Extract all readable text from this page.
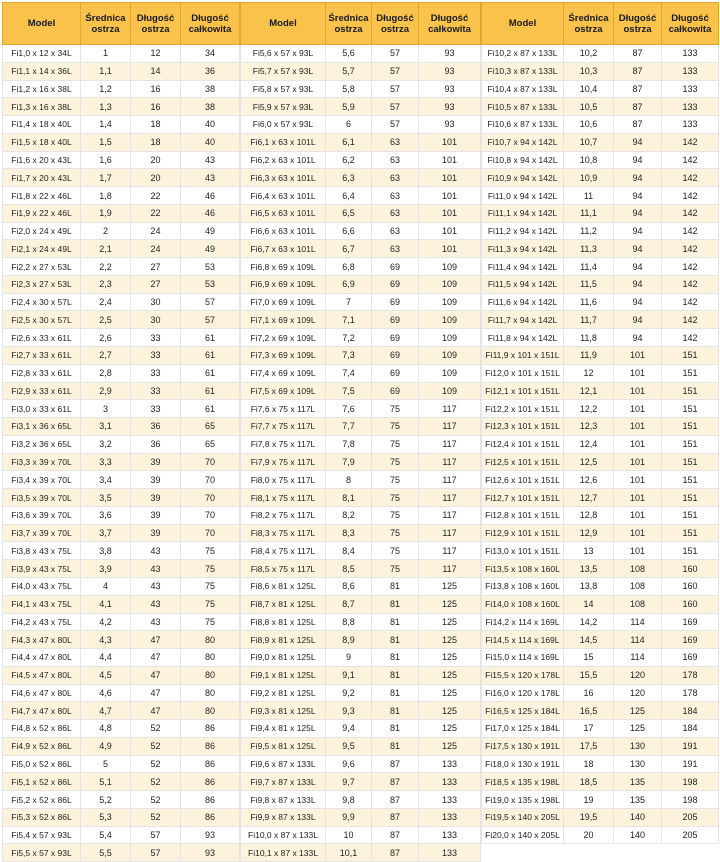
Model	Średnica ostrza	Długość ostrza	Długość całkowita
Fi1,0 x 12 x 34L	1	12	34
Fi1,1 x 14 x 36L	1,1	14	36
Fi1,2 x 16 x 38L	1,2	16	38
Fi1,3 x 16 x 38L	1,3	16	38
Fi1,4 x 18 x 40L	1,4	18	40
Fi1,5 x 18 x 40L	1,5	18	40
Fi1,6 x 20 x 43L	1,6	20	43
Fi1,7 x 20 x 43L	1,7	20	43
Fi1,8 x 22 x 46L	1,8	22	46
Fi1,9 x 22 x 46L	1,9	22	46
Fi2,0 x 24 x 49L	2	24	49
Fi2,1 x 24 x 49L	2,1	24	49
Fi2,2 x 27 x 53L	2,2	27	53
Fi2,3 x 27 x 53L	2,3	27	53
Fi2,4 x 30 x 57L	2,4	30	57
Fi2,5 x 30 x 57L	2,5	30	57
Fi2,6 x 33 x 61L	2,6	33	61
Fi2,7 x 33 x 61L	2,7	33	61
Fi2,8 x 33 x 61L	2,8	33	61
Fi2,9 x 33 x 61L	2,9	33	61
Fi3,0 x 33 x 61L	3	33	61
Fi3,1 x 36 x 65L	3,1	36	65
Fi3,2 x 36 x 65L	3,2	36	65
Fi3,3 x 39 x 70L	3,3	39	70
Fi3,4 x 39 x 70L	3,4	39	70
Fi3,5 x 39 x 70L	3,5	39	70
Fi3,6 x 39 x 70L	3,6	39	70
Fi3,7 x 39 x 70L	3,7	39	70
Fi3,8 x 43 x 75L	3,8	43	75
Fi3,9 x 43 x 75L	3,9	43	75
Fi4,0 x 43 x 75L	4	43	75
Fi4,1 x 43 x 75L	4,1	43	75
Fi4,2 x 43 x 75L	4,2	43	75
Fi4,3 x 47 x 80L	4,3	47	80
Fi4,4 x 47 x 80L	4,4	47	80
Fi4,5 x 47 x 80L	4,5	47	80
Fi4,6 x 47 x 80L	4,6	47	80
Fi4,7 x 47 x 80L	4,7	47	80
Fi4,8 x 52 x 86L	4,8	52	86
Fi4,9 x 52 x 86L	4,9	52	86
Fi5,0 x 52 x 86L	5	52	86
Fi5,1 x 52 x 86L	5,1	52	86
Fi5,2 x 52 x 86L	5,2	52	86
Fi5,3 x 52 x 86L	5,3	52	86
Fi5,4 x 57 x 93L	5,4	57	93
Fi5,5 x 57 x 93L	5,5	57	93
Model	Średnica ostrza	Długość ostrza	Długość całkowita
Fi5,6 x 57 x 93L	5,6	57	93
Fi5,7 x 57 x 93L	5,7	57	93
Fi5,8 x 57 x 93L	5,8	57	93
Fi5,9 x 57 x 93L	5,9	57	93
Fi6,0 x 57 x 93L	6	57	93
Fi6,1 x 63 x 101L	6,1	63	101
Fi6,2 x 63 x 101L	6,2	63	101
Fi6,3 x 63 x 101L	6,3	63	101
Fi6,4 x 63 x 101L	6,4	63	101
Fi6,5 x 63 x 101L	6,5	63	101
Fi6,6 x 63 x 101L	6,6	63	101
Fi6,7 x 63 x 101L	6,7	63	101
Fi6,8 x 69 x 109L	6,8	69	109
Fi6,9 x 69 x 109L	6,9	69	109
Fi7,0 x 69 x 109L	7	69	109
Fi7,1 x 69 x 109L	7,1	69	109
Fi7,2 x 69 x 109L	7,2	69	109
Fi7,3 x 69 x 109L	7,3	69	109
Fi7,4 x 69 x 109L	7,4	69	109
Fi7,5 x 69 x 109L	7,5	69	109
Fi7,6 x 75 x 117L	7,6	75	117
Fi7,7 x 75 x 117L	7,7	75	117
Fi7,8 x 75 x 117L	7,8	75	117
Fi7,9 x 75 x 117L	7,9	75	117
Fi8,0 x 75 x 117L	8	75	117
Fi8,1 x 75 x 117L	8,1	75	117
Fi8,2 x 75 x 117L	8,2	75	117
Fi8,3 x 75 x 117L	8,3	75	117
Fi8,4 x 75 x 117L	8,4	75	117
Fi8,5 x 75 x 117L	8,5	75	117
Fi8,6 x 81 x 125L	8,6	81	125
Fi8,7 x 81 x 125L	8,7	81	125
Fi8,8 x 81 x 125L	8,8	81	125
Fi8,9 x 81 x 125L	8,9	81	125
Fi9,0 x 81 x 125L	9	81	125
Fi9,1 x 81 x 125L	9,1	81	125
Fi9,2 x 81 x 125L	9,2	81	125
Fi9,3 x 81 x 125L	9,3	81	125
Fi9,4 x 81 x 125L	9,4	81	125
Fi9,5 x 81 x 125L	9,5	81	125
Fi9,6 x 87 x 133L	9,6	87	133
Fi9,7 x 87 x 133L	9,7	87	133
Fi9,8 x 87 x 133L	9,8	87	133
Fi9,9 x 87 x 133L	9,9	87	133
Fi10,0 x 87 x 133L	10	87	133
Fi10,1 x 87 x 133L	10,1	87	133
Model	Średnica ostrza	Długość ostrza	Długość całkowita
Fi10,2 x 87 x 133L	10,2	87	133
Fi10,3 x 87 x 133L	10,3	87	133
Fi10,4 x 87 x 133L	10,4	87	133
Fi10,5 x 87 x 133L	10,5	87	133
Fi10,6 x 87 x 133L	10,6	87	133
Fi10,7 x 94 x 142L	10,7	94	142
Fi10,8 x 94 x 142L	10,8	94	142
Fi10,9 x 94 x 142L	10,9	94	142
Fi11,0 x 94 x 142L	11	94	142
Fi11,1 x 94 x 142L	11,1	94	142
Fi11,2 x 94 x 142L	11,2	94	142
Fi11,3 x 94 x 142L	11,3	94	142
Fi11,4 x 94 x 142L	11,4	94	142
Fi11,5 x 94 x 142L	11,5	94	142
Fi11,6 x 94 x 142L	11,6	94	142
Fi11,7 x 94 x 142L	11,7	94	142
Fi11,8 x 94 x 142L	11,8	94	142
Fi11,9 x 101 x 151L	11,9	101	151
Fi12,0 x 101 x 151L	12	101	151
Fi12,1 x 101 x 151L	12,1	101	151
Fi12,2 x 101 x 151L	12,2	101	151
Fi12,3 x 101 x 151L	12,3	101	151
Fi12,4 x 101 x 151L	12,4	101	151
Fi12,5 x 101 x 151L	12,5	101	151
Fi12,6 x 101 x 151L	12,6	101	151
Fi12,7 x 101 x 151L	12,7	101	151
Fi12,8 x 101 x 151L	12,8	101	151
Fi12,9 x 101 x 151L	12,9	101	151
Fi13,0 x 101 x 151L	13	101	151
Fi13,5 x 108 x 160L	13,5	108	160
Fi13,8 x 108 x 160L	13,8	108	160
Fi14,0 x 108 x 160L	14	108	160
Fi14,2 x 114 x 169L	14,2	114	169
Fi14,5 x 114 x 169L	14,5	114	169
Fi15,0 x 114 x 169L	15	114	169
Fi15,5 x 120 x 178L	15,5	120	178
Fi16,0 x 120 x 178L	16	120	178
Fi16,5 x 125 x 184L	16,5	125	184
Fi17,0 x 125 x 184L	17	125	184
Fi17,5 x 130 x 191L	17,5	130	191
Fi18,0 x 130 x 191L	18	130	191
Fi18,5 x 135 x 198L	18,5	135	198
Fi19,0 x 135 x 198L	19	135	198
Fi19,5 x 140 x 205L	19,5	140	205
Fi20,0 x 140 x 205L	20	140	205
